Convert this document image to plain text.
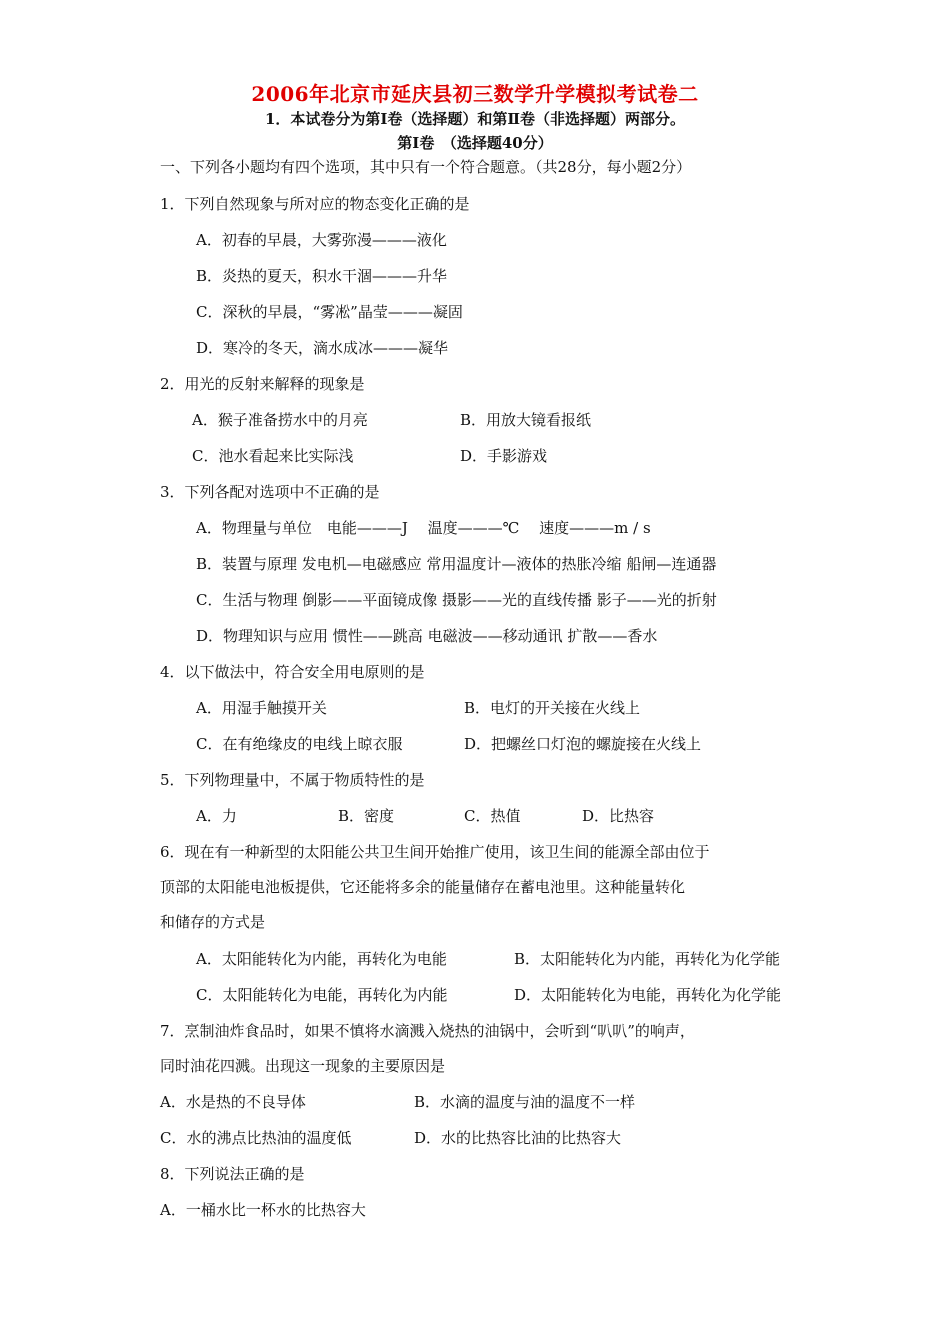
2006年北京市延庆县初三数学升学模拟考试卷二
1．本试卷分为第Ⅰ卷（选择题）和第Ⅱ卷（非选择题）两部分。
第Ⅰ卷　（选择题40分）
一、下列各小题均有四个选项，其中只有一个符合题意。（共28分，每小题2分）
1．下列自然现象与所对应的物态变化正确的是
A．初春的早晨，大雾弥漫———液化
B．炎热的夏天，积水干涸———升华
C．深秋的早晨，“雾凇”晶莹———凝固
D．寒冷的冬天，滴水成冰———凝华
2．用光的反射来解释的现象是
A．猴子准备捞水中的月亮	B．用放大镜看报纸
C．池水看起来比实际浅	D．手影游戏
3．下列各配对选项中不正确的是
A．物理量与单位　电能———J　 温度———℃　 速度———m / s
B．装置与原理 发电机—电磁感应 常用温度计—液体的热胀冷缩 船闸—连通器
C．生活与物理 倒影——平面镜成像 摄影——光的直线传播 影子——光的折射
D．物理知识与应用 惯性——跳高 电磁波——移动通讯 扩散——香水
4．以下做法中，符合安全用电原则的是
A．用湿手触摸开关	B．电灯的开关接在火线上
C．在有绝缘皮的电线上晾衣服	D．把螺丝口灯泡的螺旋接在火线上
5．下列物理量中，不属于物质特性的是
A．力	B．密度	C．热值	D．比热容
6．现在有一种新型的太阳能公共卫生间开始推广使用，该卫生间的能源全部由位于
顶部的太阳能电池板提供，它还能将多余的能量储存在蓄电池里。这种能量转化
和储存的方式是
A．太阳能转化为内能，再转化为电能	B．太阳能转化为内能，再转化为化学能
C．太阳能转化为电能，再转化为内能	D．太阳能转化为电能，再转化为化学能
7．烹制油炸食品时，如果不慎将水滴溅入烧热的油锅中，会听到“叭叭”的响声，
同时油花四溅。出现这一现象的主要原因是
A．水是热的不良导体	B．水滴的温度与油的温度不一样
C．水的沸点比热油的温度低	D．水的比热容比油的比热容大
8．下列说法正确的是
A．一桶水比一杯水的比热容大
